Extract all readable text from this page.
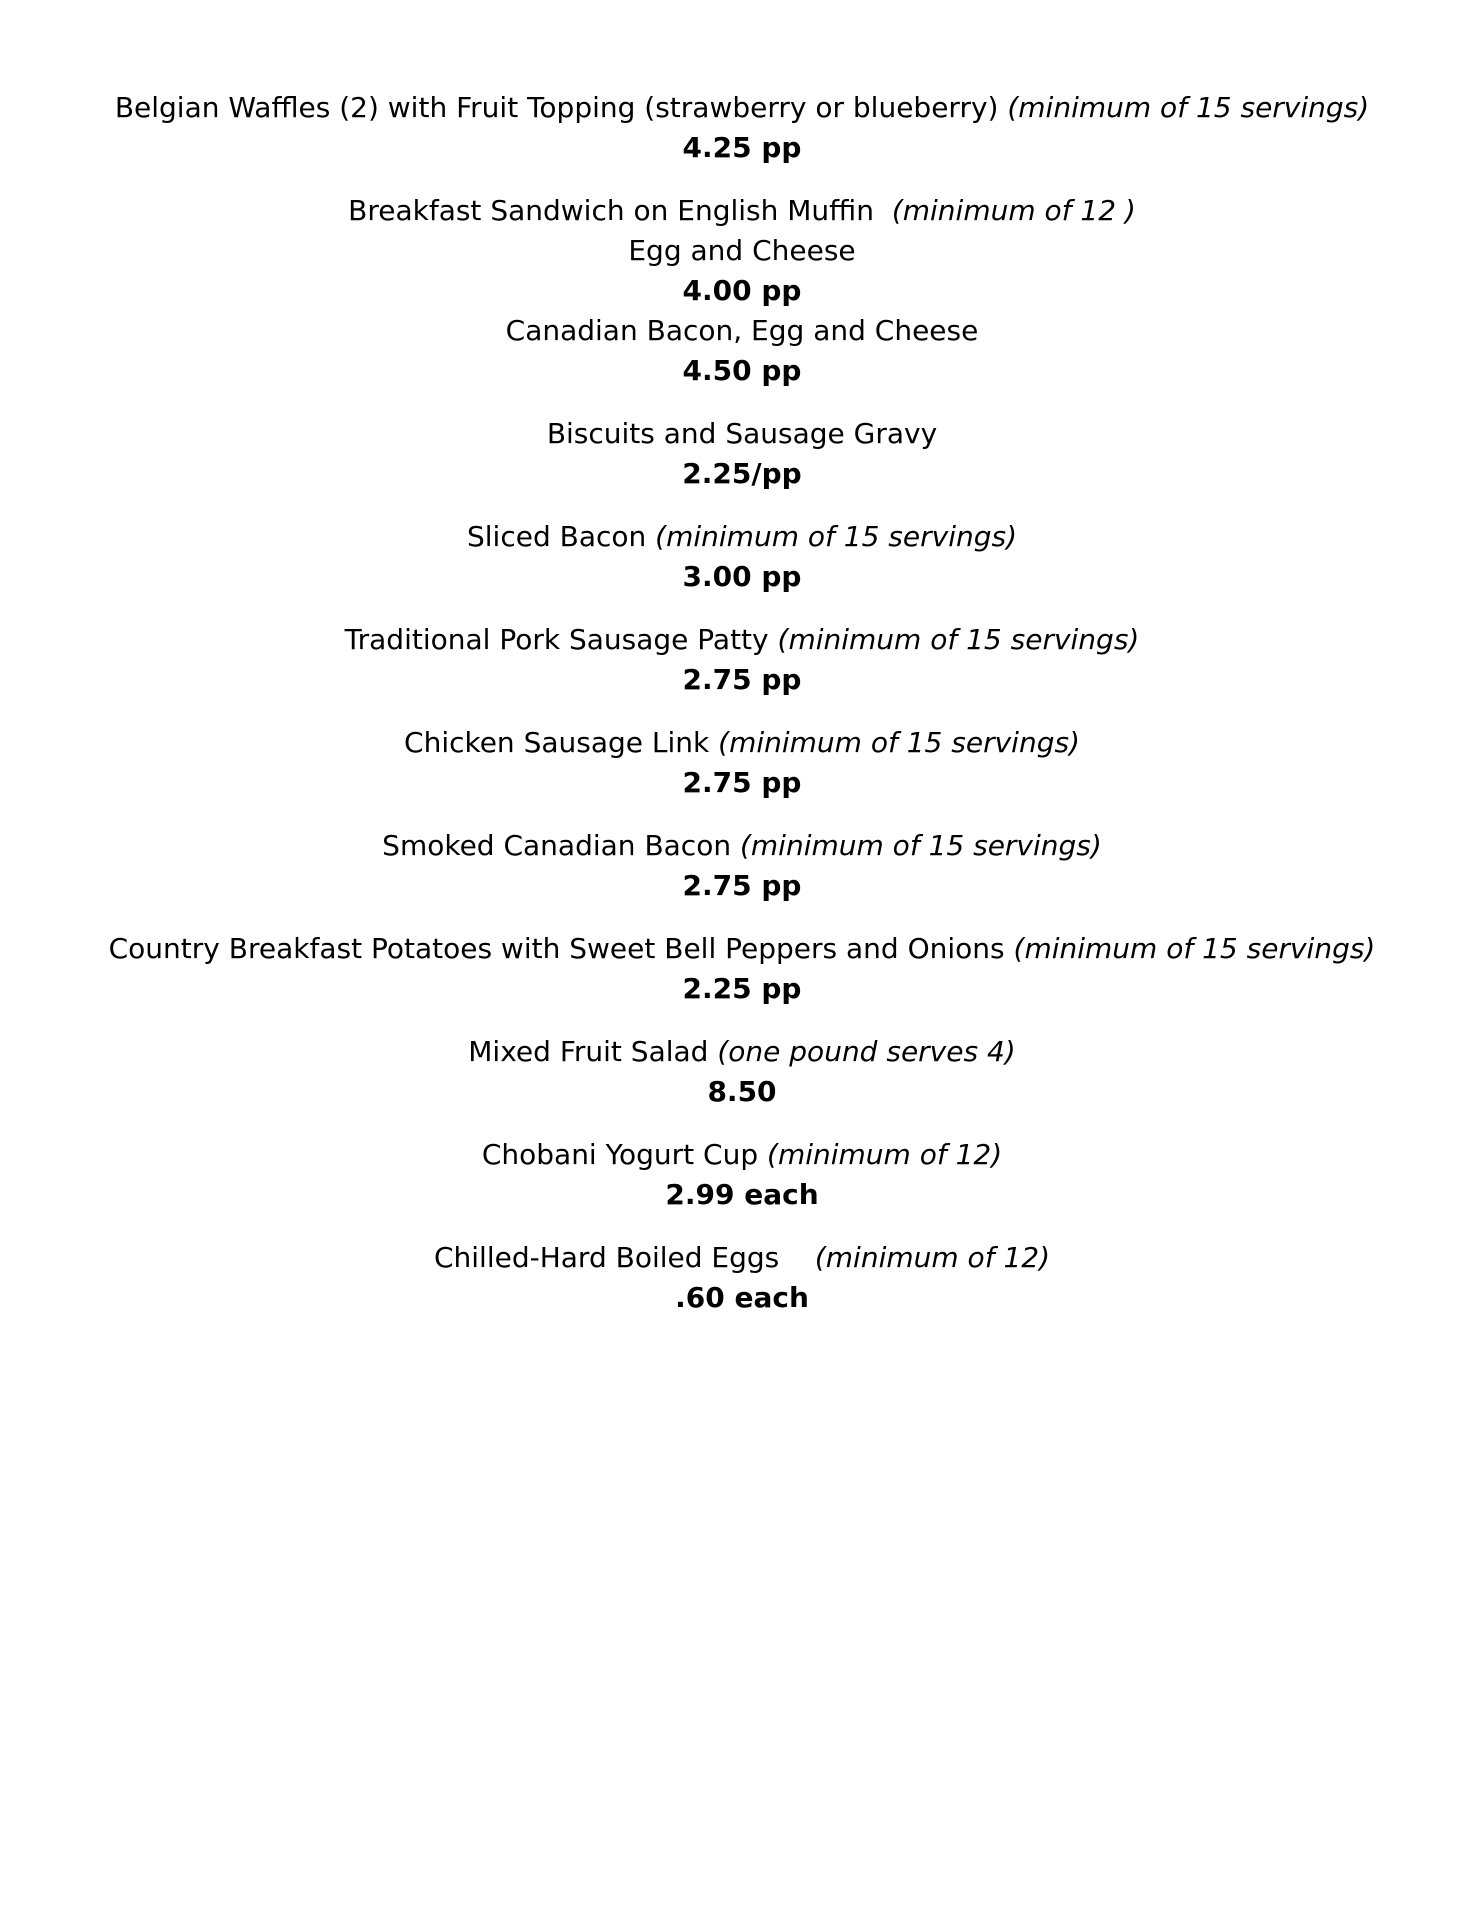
Belgian Waffles (2) with Fruit Topping (strawberry or blueberry) (minimum of 15 servings)
4.25 pp
Breakfast Sandwich on English Muffin (minimum of 12 )
Egg and Cheese
4.00 pp
Canadian Bacon, Egg and Cheese
4.50 pp
Biscuits and Sausage Gravy
2.25/pp
Sliced Bacon (minimum of 15 servings)
3.00 pp
Traditional Pork Sausage Patty (minimum of 15 servings)
2.75 pp
Chicken Sausage Link (minimum of 15 servings)
2.75 pp
Smoked Canadian Bacon (minimum of 15 servings)
2.75 pp
Country Breakfast Potatoes with Sweet Bell Peppers and Onions (minimum of 15 servings)
2.25 pp
Mixed Fruit Salad (one pound serves 4)
8.50
Chobani Yogurt Cup (minimum of 12)
2.99 each
Chilled-Hard Boiled Eggs (minimum of 12)
.60 each
